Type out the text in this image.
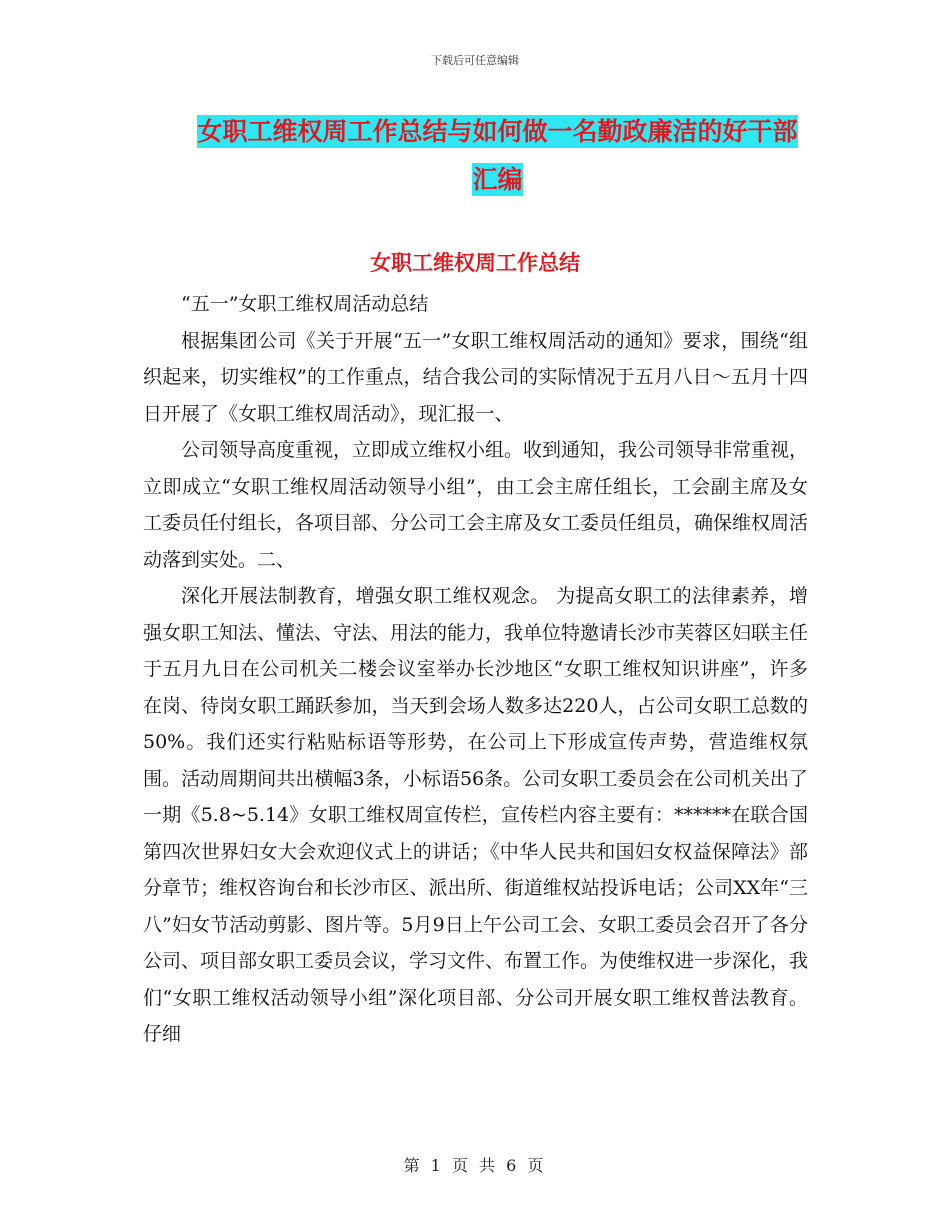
下载后可任意编辑
女职工维权周工作总结与如何做一名勤政廉洁的好干部汇编
女职工维权周工作总结

“五一”女职工维权周活动总结

根据集团公司《关于开展“五一”女职工维权周活动的通知》要求，围绕“组织起来，切实维权”的工作重点，结合我公司的实际情况于五月八日～五月十四日开展了《女职工维权周活动》，现汇报一、

公司领导高度重视，立即成立维权小组。收到通知，我公司领导非常重视，立即成立“女职工维权周活动领导小组”，由工会主席任组长，工会副主席及女工委员任付组长，各项目部、分公司工会主席及女工委员任组员，确保维权周活动落到实处。二、

深化开展法制教育，增强女职工维权观念。 为提高女职工的法律素养，增强女职工知法、懂法、守法、用法的能力，我单位特邀请长沙市芙蓉区妇联主任于五月九日在公司机关二楼会议室举办长沙地区“女职工维权知识讲座”，许多在岗、待岗女职工踊跃参加，当天到会场人数多达220人，占公司女职工总数的50%。我们还实行粘贴标语等形势，在公司上下形成宣传声势，营造维权氛围。活动周期间共出横幅3条，小标语56条。公司女职工委员会在公司机关出了一期《5.8~5.14》女职工维权周宣传栏，宣传栏内容主要有：******在联合国第四次世界妇女大会欢迎仪式上的讲话；《中华人民共和国妇女权益保障法》部分章节；维权咨询台和长沙市区、派出所、街道维权站投诉电话；公司XX年“三八”妇女节活动剪影、图片等。5月9日上午公司工会、女职工委员会召开了各分公司、项目部女职工委员会议，学习文件、布置工作。为使维权进一步深化，我们“女职工维权活动领导小组”深化项目部、分公司开展女职工维权普法教育。仔细

第 1 页 共 6 页
